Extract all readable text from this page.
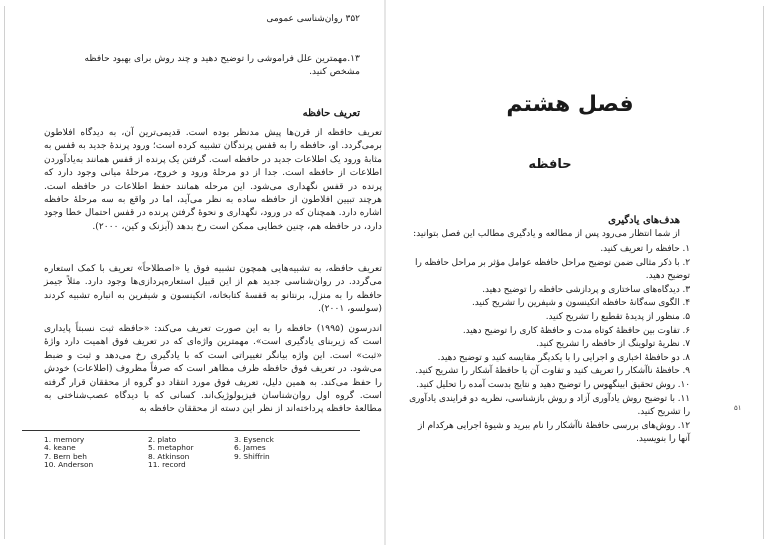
۳۵۲ روان‌شناسی عمومی
۱۳.مهمترین علل فراموشی را توضیح دهید و چند روش برای بهبود حافظه مشخص کنید.
تعریف حافظه
تعریف حافظه از قرن‌ها پیش مدنظر بوده است. قدیمی‌ترین آن، به دیدگاه افلاطون برمی‌گردد. او، حافظه را به قفس پرندگان تشبیه کرده است؛ ورود پرندهٔ جدید به قفس به مثابهٔ ورود یک اطلاعات جدید در حافظه است. گرفتن یک پرنده از قفس همانند به‌یادآوردن اطلاعات از حافظه است. جدا از دو مرحلهٔ ورود و خروج، مرحلهٔ میانی وجود دارد که پرنده در قفس نگهداری می‌شود. این مرحله همانند حفظ اطلاعات در حافظه است. هرچند تبیین افلاطون از حافظه ساده به نظر می‌آید، اما در واقع به سه مرحلهٔ حافظه اشاره دارد. همچنان که در ورود، نگهداری و نحوهٔ گرفتن پرنده در قفس احتمال خطا وجود دارد، در حافظه هم، چنین خطایی ممکن است رخ بدهد (آیزنک و کین، ۲۰۰۰).
تعریف حافظه، به تشبیه‌هایی همچون تشبیه فوق یا «اصطلاحاً» تعریف با کمک استعاره می‌گردد. در روان‌شناسی جدید هم از این قبیل استعاره‌پردازی‌ها وجود دارد. مثلاً جیمز حافظه را به منزل، برنتانو به قفسهٔ کتابخانه، اتکینسون و شیفرین به انباره تشبیه کردند (سولسو، ۲۰۰۱).
اندرسون (۱۹۹۵) حافظه را به این صورت تعریف می‌کند: «حافظه ثبت نسبتاً پایداری است که زیربنای یادگیری است». مهمترین واژه‌ای که در تعریف فوق اهمیت دارد واژهٔ «ثبت» است. این واژه بیانگر تغییراتی است که با یادگیری رخ می‌دهد و ثبت و ضبط می‌شود. در تعریف فوق حافظه ظرف مظاهر است که صرفاً مظروف (اطلاعات) خودش را حفظ می‌کند. به همین دلیل، تعریف فوق مورد انتقاد دو گروه از محققان قرار گرفته است. گروه اول روان‌شناسان فیزیولوژیک‌اند. کسانی که با دیدگاه عصب‌شناختی به مطالعهٔ حافظه پرداخته‌اند از نظر این دسته از محققان حافظه به
1. memory	2. plato	3. Eysenck
4. keane	5. metaphor	6. James
7. Bern beh	8. Atkinson	9. Shiffrin
10. Anderson	11. record
فصل هشتم
حافظه
هدف‌های یادگیری
از شما انتظار می‌رود پس از مطالعه و یادگیری مطالب این فصل بتوانید:

۱. حافظه را تعریف کنید.

۲. با ذکر مثالی ضمن توضیح مراحل حافظه عوامل مؤثر بر مراحل حافظه را توضیح دهید.

۳. دیدگاه‌های ساختاری و پردازشی حافظه را توضیح دهید.

۴. الگوی سه‌گانهٔ حافظه اتکینسون و شیفرین را تشریح کنید.

۵. منظور از پدیدهٔ تقطیع را تشریح کنید.

۶. تفاوت بین حافظهٔ کوتاه مدت و حافظهٔ کاری را توضیح دهید.

۷. نظریهٔ تولوینگ از حافظه را تشریح کنید.

۸. دو حافظهٔ اخباری و اجرایی را با یکدیگر مقایسه کنید و توضیح دهید.

۹. حافظهٔ ناآشکار را تعریف کنید و تفاوت آن با حافظهٔ آشکار را تشریح کنید.

۱۰. روش تحقیق ابینگهوس را توضیح دهید و نتایج بدست آمده را تحلیل کنید.

۱۱. با توضیح روش یادآوری آزاد و روش بازشناسی، نظریه دو فرایندی یادآوری را تشریح کنید.

۱۲. روش‌های بررسی حافظهٔ ناآشکار را نام ببرید و شیوهٔ اجرایی هرکدام از آنها را بنویسید.

۵۱
